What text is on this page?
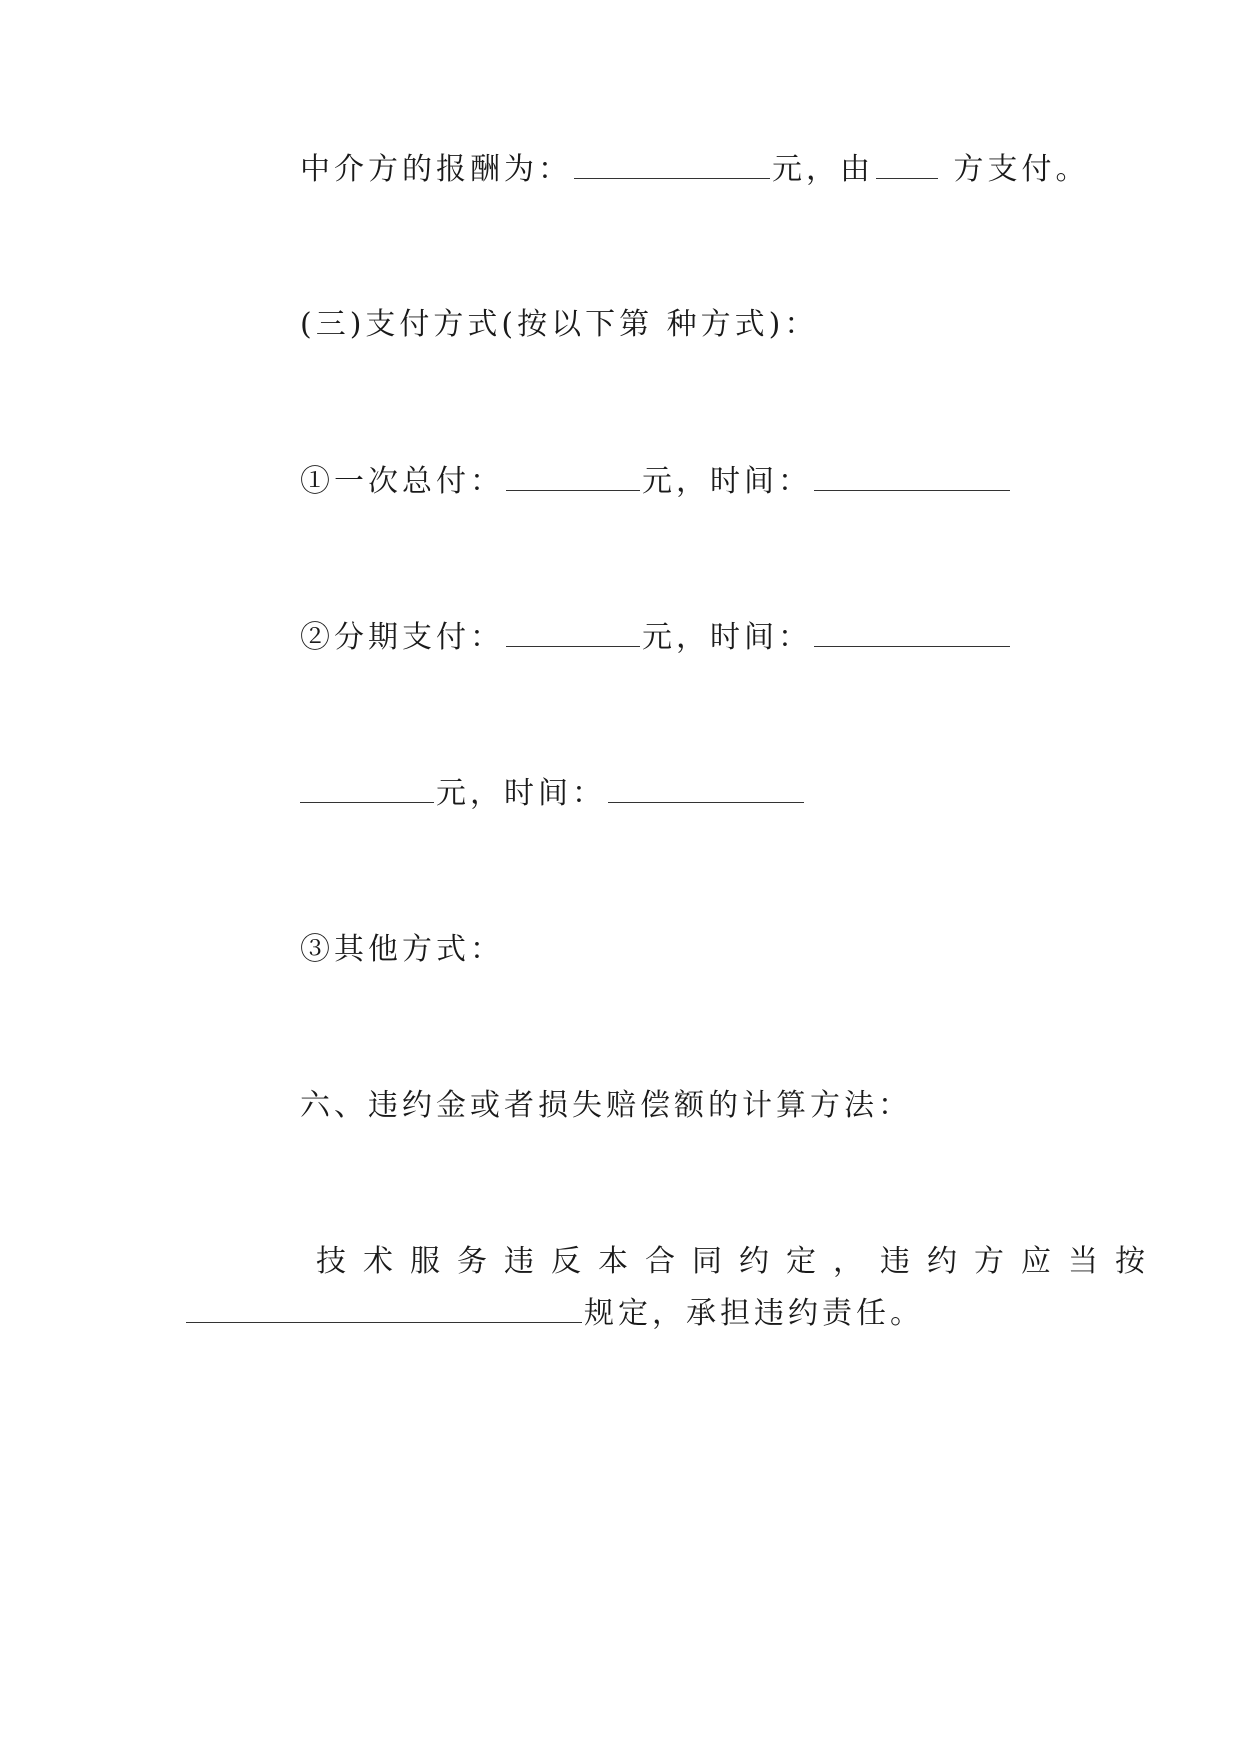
中介方的报酬为：	元，由 方支付。
(三)支付方式(按以下第 种方式)：
①一次总付：	元，时间：
②分期支付：	元，时间：
元，时间：
③其他方式：
六、违约金或者损失赔偿额的计算方法：
技术服务违反本合同约定，违约方应当按
规定，承担违约责任。
